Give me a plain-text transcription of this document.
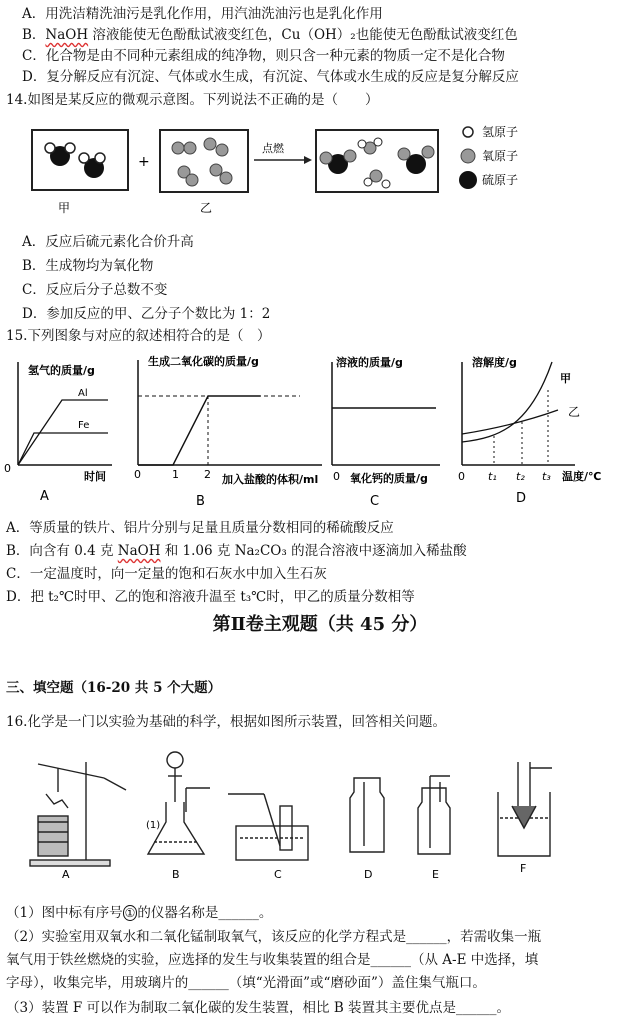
A．用洗洁精洗油污是乳化作用，用汽油洗油污也是乳化作用
B．NaOH 溶液能使无色酚酞试液变红色，Cu（OH）₂也能使无色酚酞试液变红色
C．化合物是由不同种元素组成的纯净物，则只含一种元素的物质一定不是化合物
D．复分解反应有沉淀、气体或水生成，有沉淀、气体或水生成的反应是复分解反应
14.如图是某反应的微观示意图。下列说法不正确的是（　　）
甲
+
乙
点燃
氢原子
氧原子
硫原子
A．反应后硫元素化合价升高
B．生成物均为氧化物
C．反应后分子总数不变
D．参加反应的甲、乙分子个数比为 1：2
15.下列图象与对应的叙述相符合的是（　）
氢气的质量/g
Al
Fe
0
时间
A
生成二氧化碳的质量/g
0	1 2 加入盐酸的体积/ml
B
溶液的质量/g
0 氧化钙的质量/g
C
溶解度/g
甲
乙
0 t₁ t₂ t₃ 温度/℃
D
A．等质量的铁片、铝片分别与足量且质量分数相同的稀硫酸反应
B．向含有 0.4 克 NaOH 和 1.06 克 Na₂CO₃ 的混合溶液中逐滴加入稀盐酸
C．一定温度时，向一定量的饱和石灰水中加入生石灰
D．把 t₂℃时甲、乙的饱和溶液升温至 t₃℃时，甲乙的质量分数相等
第Ⅱ卷主观题（共 45 分）
三、填空题（16-20 共 5 个大题）
16.化学是一门以实验为基础的科学，根据如图所示装置，回答相关问题。
A
(1)
B	C	D	E	F
（1）图中标有序号 ① 的仪器名称是______。
（2）实验室用双氧水和二氧化锰制取氧气，该反应的化学方程式是______，若需收集一瓶
氧气用于铁丝燃烧的实验，应选择的发生与收集装置的组合是______（从 A-E 中选择，填
字母），收集完毕，用玻璃片的______（填“光滑面”或“磨砂面”）盖住集气瓶口。
（3）装置 F 可以作为制取二氧化碳的发生装置，相比 B 装置其主要优点是______。
